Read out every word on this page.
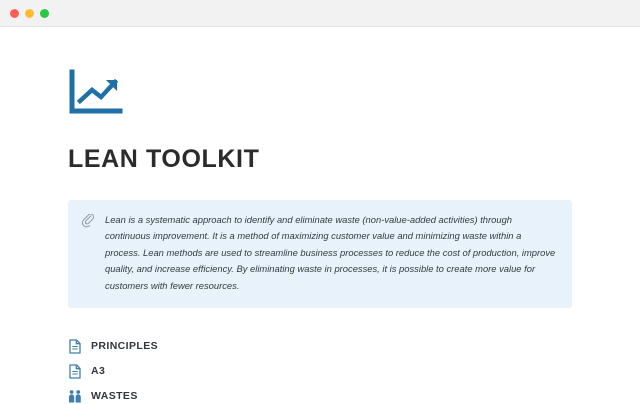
LEAN TOOLKIT
Lean is a systematic approach to identify and eliminate waste (non-value-added activities) through continuous improvement. It is a method of maximizing customer value and minimizing waste within a process. Lean methods are used to streamline business processes to reduce the cost of production, improve quality, and increase efficiency. By eliminating waste in processes, it is possible to create more value for customers with fewer resources.
PRINCIPLES
A3
WASTES
